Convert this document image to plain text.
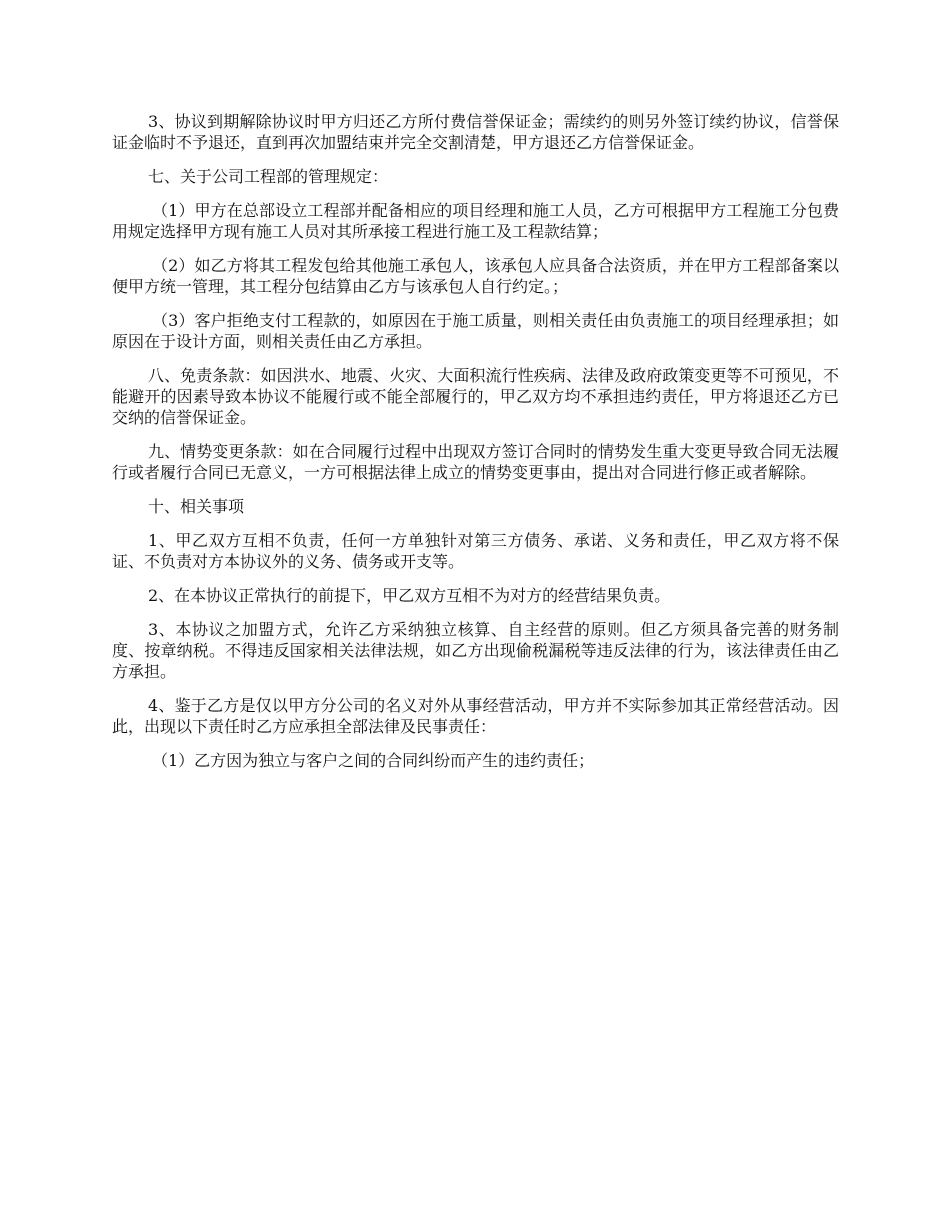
3、协议到期解除协议时甲方归还乙方所付费信誉保证金；需续约的则另外签订续约协议，信誉保证金临时不予退还，直到再次加盟结束并完全交割清楚，甲方退还乙方信誉保证金。

七、关于公司工程部的管理规定：

（1）甲方在总部设立工程部并配备相应的项目经理和施工人员，乙方可根据甲方工程施工分包费用规定选择甲方现有施工人员对其所承接工程进行施工及工程款结算；

（2）如乙方将其工程发包给其他施工承包人，该承包人应具备合法资质，并在甲方工程部备案以便甲方统一管理，其工程分包结算由乙方与该承包人自行约定。；

（3）客户拒绝支付工程款的，如原因在于施工质量，则相关责任由负责施工的项目经理承担；如原因在于设计方面，则相关责任由乙方承担。

八、免责条款：如因洪水、地震、火灾、大面积流行性疾病、法律及政府政策变更等不可预见，不能避开的因素导致本协议不能履行或不能全部履行的，甲乙双方均不承担违约责任，甲方将退还乙方已交纳的信誉保证金。

九、情势变更条款：如在合同履行过程中出现双方签订合同时的情势发生重大变更导致合同无法履行或者履行合同已无意义，一方可根据法律上成立的情势变更事由，提出对合同进行修正或者解除。

十、相关事项

1、甲乙双方互相不负责，任何一方单独针对第三方债务、承诺、义务和责任，甲乙双方将不保证、不负责对方本协议外的义务、债务或开支等。

2、在本协议正常执行的前提下，甲乙双方互相不为对方的经营结果负责。

3、本协议之加盟方式，允许乙方采纳独立核算、自主经营的原则。但乙方须具备完善的财务制度、按章纳税。不得违反国家相关法律法规，如乙方出现偷税漏税等违反法律的行为，该法律责任由乙方承担。

4、鉴于乙方是仅以甲方分公司的名义对外从事经营活动，甲方并不实际参加其正常经营活动。因此，出现以下责任时乙方应承担全部法律及民事责任：

（1）乙方因为独立与客户之间的合同纠纷而产生的违约责任；
